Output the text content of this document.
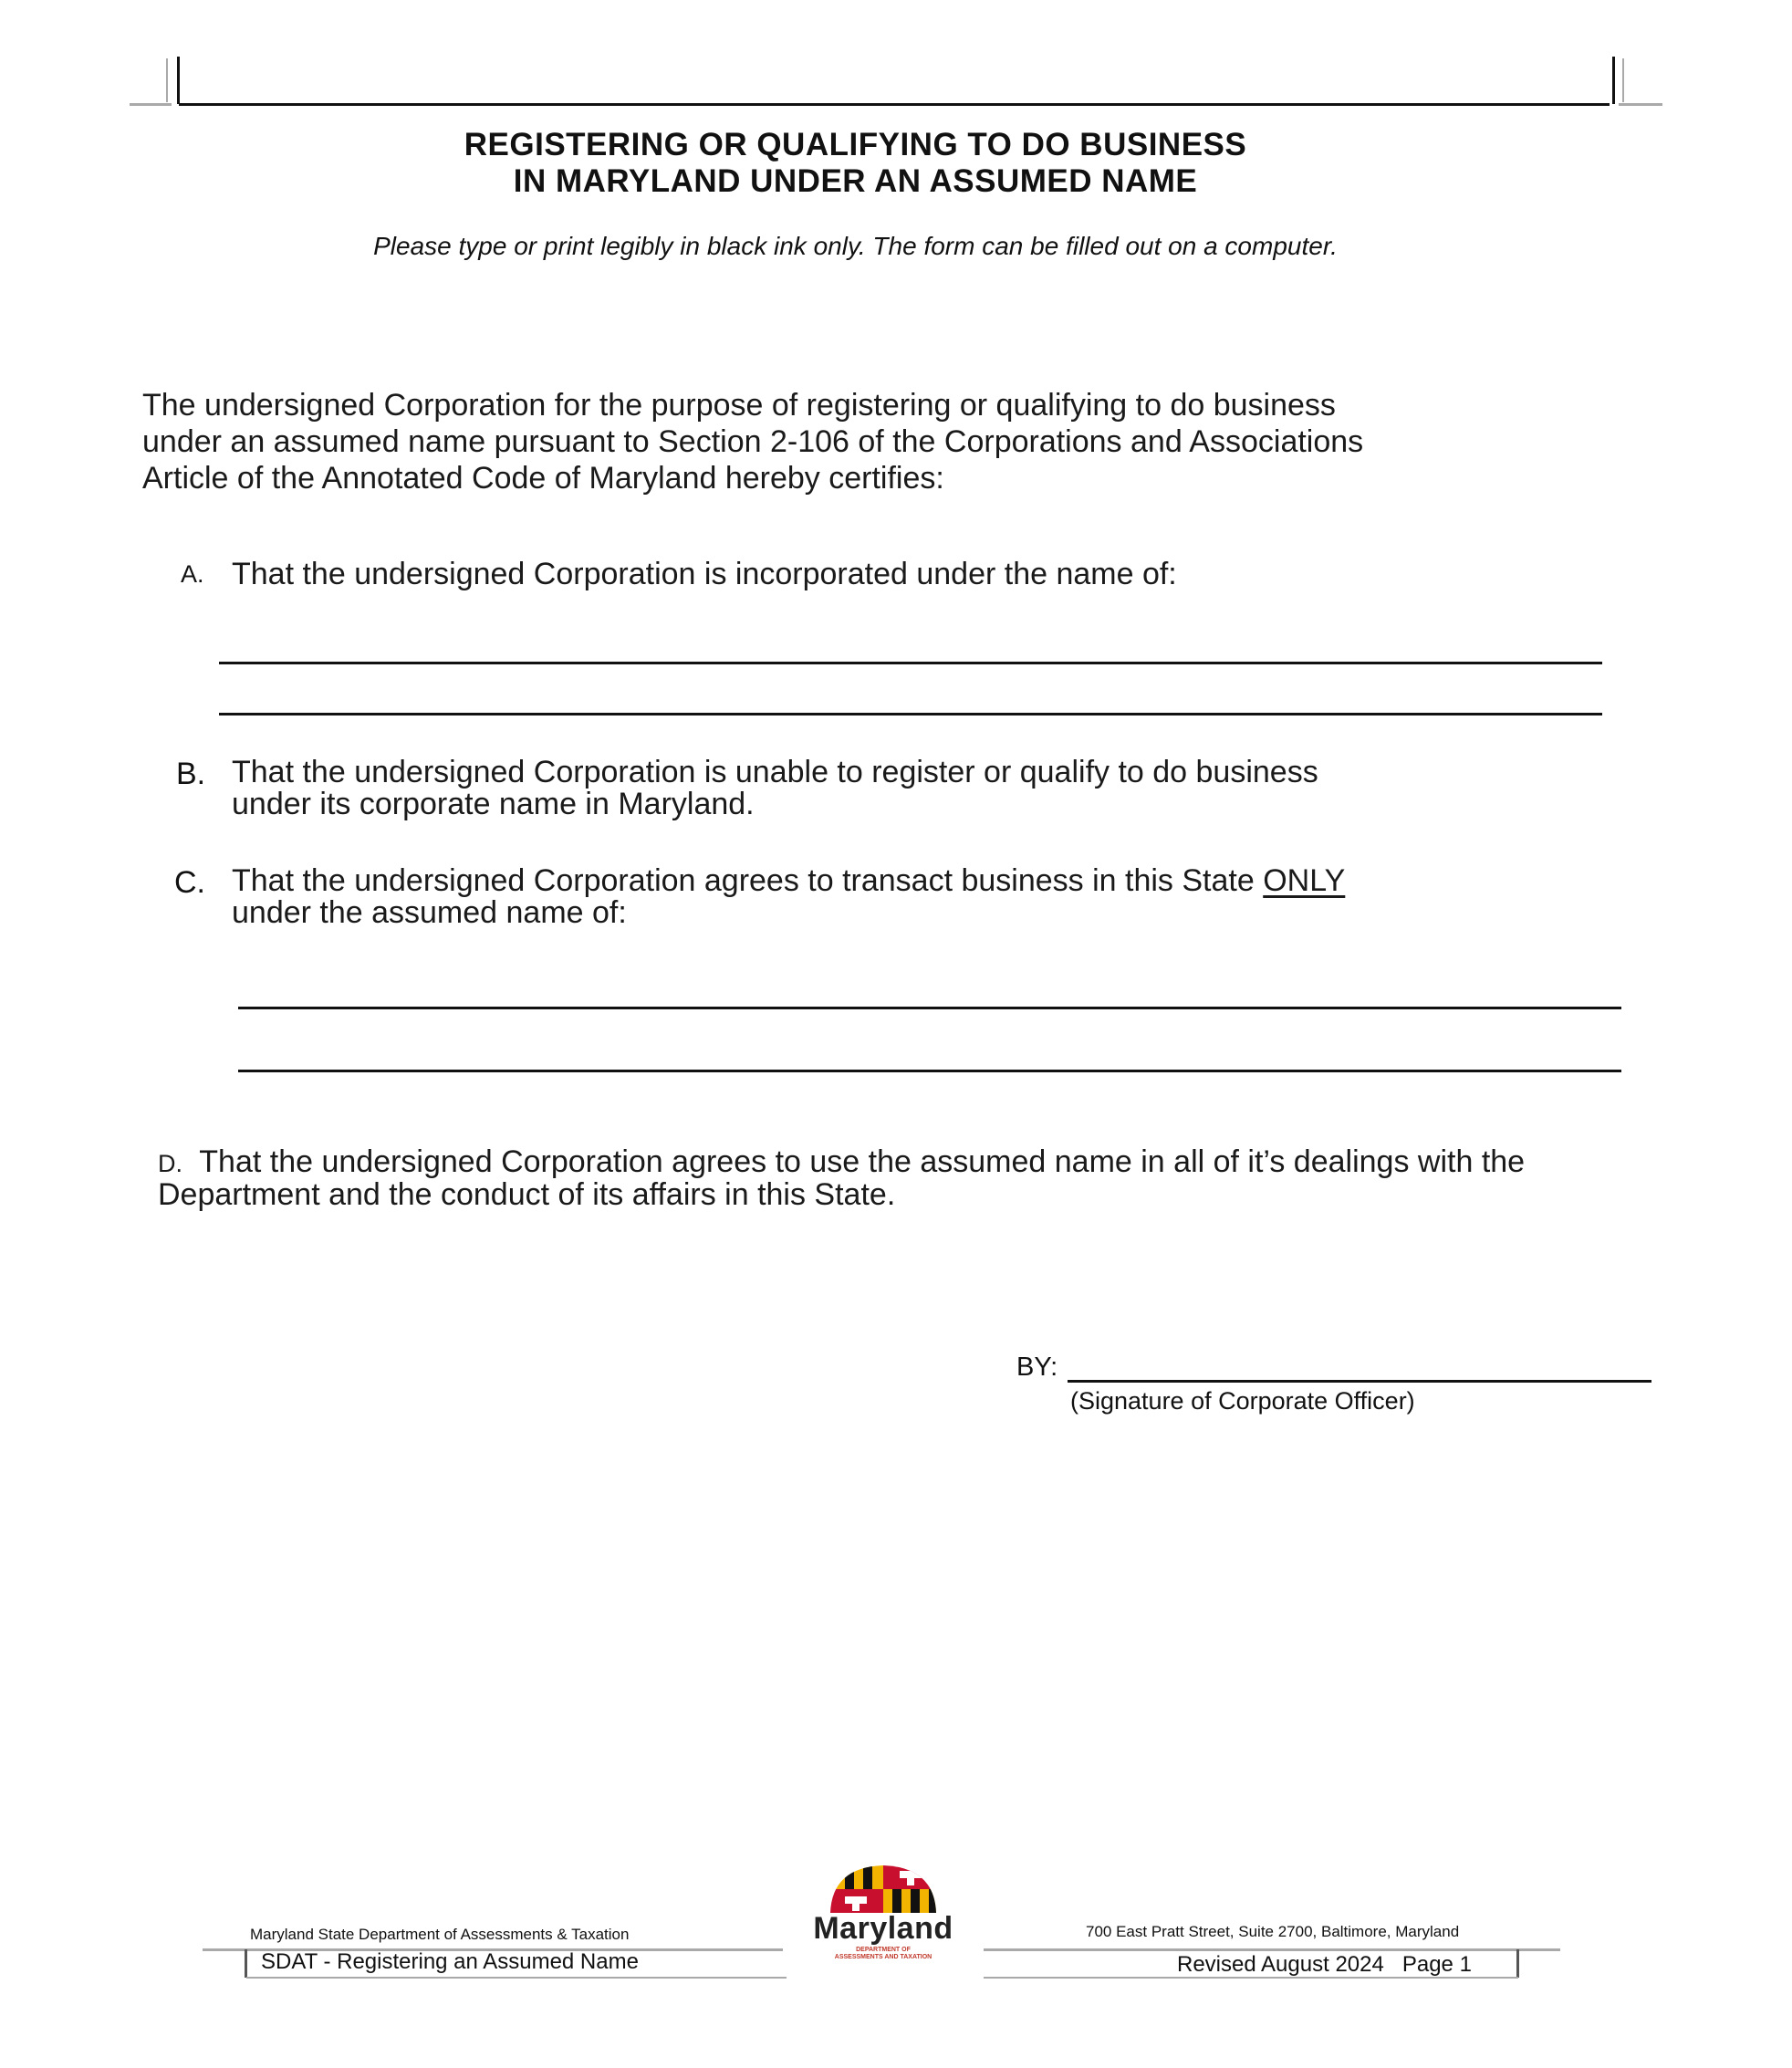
REGISTERING OR QUALIFYING TO DO BUSINESS
IN MARYLAND UNDER AN ASSUMED NAME
Please type or print legibly in black ink only. The form can be filled out on a computer.
The undersigned Corporation for the purpose of registering or qualifying to do business
under an assumed name pursuant to Section 2-106 of the Corporations and Associations
Article of the Annotated Code of Maryland hereby certifies:
A. That the undersigned Corporation is incorporated under the name of:
B. That the undersigned Corporation is unable to register or qualify to do business
under its corporate name in Maryland.
C. That the undersigned Corporation agrees to transact business in this State ONLY
under the assumed name of:
D. That the undersigned Corporation agrees to use the assumed name in all of it’s dealings with the
Department and the conduct of its affairs in this State.
BY:
(Signature of Corporate Officer)
Maryland
DEPARTMENT OF
ASSESSMENTS AND TAXATION
Maryland State Department of Assessments & Taxation	700 East Pratt Street, Suite 2700, Baltimore, Maryland
SDAT - Registering an Assumed Name	Revised August 2024 Page 1
